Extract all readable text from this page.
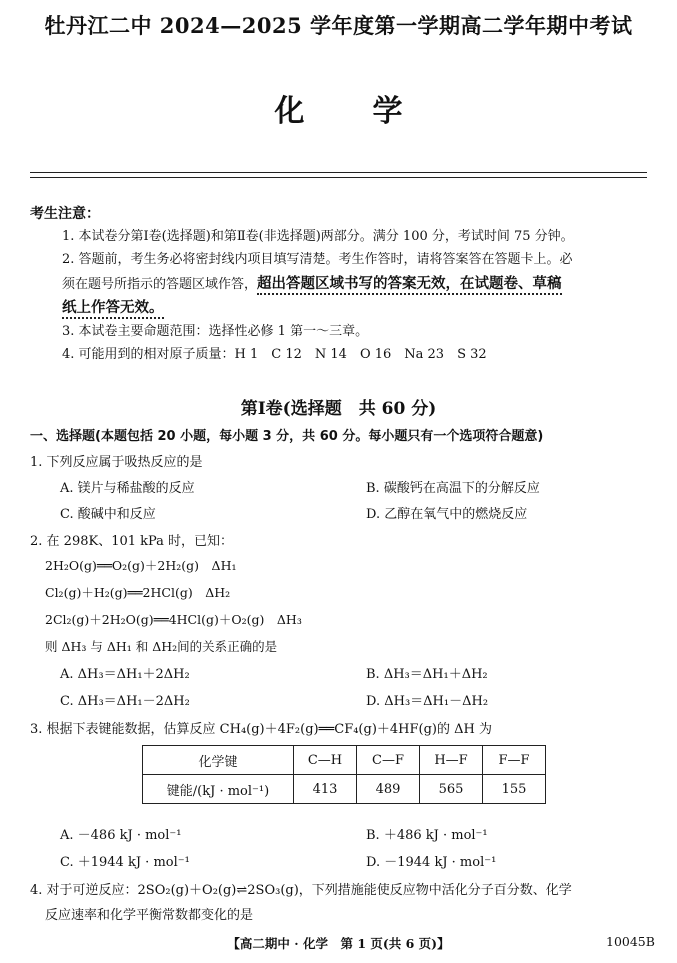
牡丹江二中 2024—2025 学年度第一学期高二学年期中考试
化学
考生注意：
1. 本试卷分第Ⅰ卷(选择题)和第Ⅱ卷(非选择题)两部分。满分 100 分，考试时间 75 分钟。
2. 答题前，考生务必将密封线内项目填写清楚。考生作答时，请将答案答在答题卡上。必
须在题号所指示的答题区域作答，超出答题区域书写的答案无效，在试题卷、草稿
纸上作答无效。
3. 本试卷主要命题范围：选择性必修 1 第一～三章。
4. 可能用到的相对原子质量：H 1　C 12　N 14　O 16　Na 23　S 32
第Ⅰ卷(选择题　共 60 分)
一、选择题(本题包括 20 小题，每小题 3 分，共 60 分。每小题只有一个选项符合题意)
1. 下列反应属于吸热反应的是
A. 镁片与稀盐酸的反应	B. 碳酸钙在高温下的分解反应
C. 酸碱中和反应	D. 乙醇在氧气中的燃烧反应
2. 在 298K、101 kPa 时，已知：
2H₂O(g)══O₂(g)＋2H₂(g)　ΔH₁
Cl₂(g)＋H₂(g)══2HCl(g)　ΔH₂
2Cl₂(g)＋2H₂O(g)══4HCl(g)＋O₂(g)　ΔH₃
则 ΔH₃ 与 ΔH₁ 和 ΔH₂间的关系正确的是
A. ΔH₃＝ΔH₁＋2ΔH₂	B. ΔH₃＝ΔH₁＋ΔH₂
C. ΔH₃＝ΔH₁－2ΔH₂	D. ΔH₃＝ΔH₁－ΔH₂
3. 根据下表键能数据，估算反应 CH₄(g)＋4F₂(g)══CF₄(g)＋4HF(g)的 ΔH 为
化学键	C—H	C—F	H—F	F—F
键能/(kJ · mol⁻¹)	413	489	565	155
A. －486 kJ · mol⁻¹	B. ＋486 kJ · mol⁻¹
C. ＋1944 kJ · mol⁻¹	D. －1944 kJ · mol⁻¹
4. 对于可逆反应：2SO₂(g)＋O₂(g)⇌2SO₃(g)，下列措施能使反应物中活化分子百分数、化学
反应速率和化学平衡常数都变化的是
【高二期中 · 化学　第 1 页(共 6 页)】	10045B
